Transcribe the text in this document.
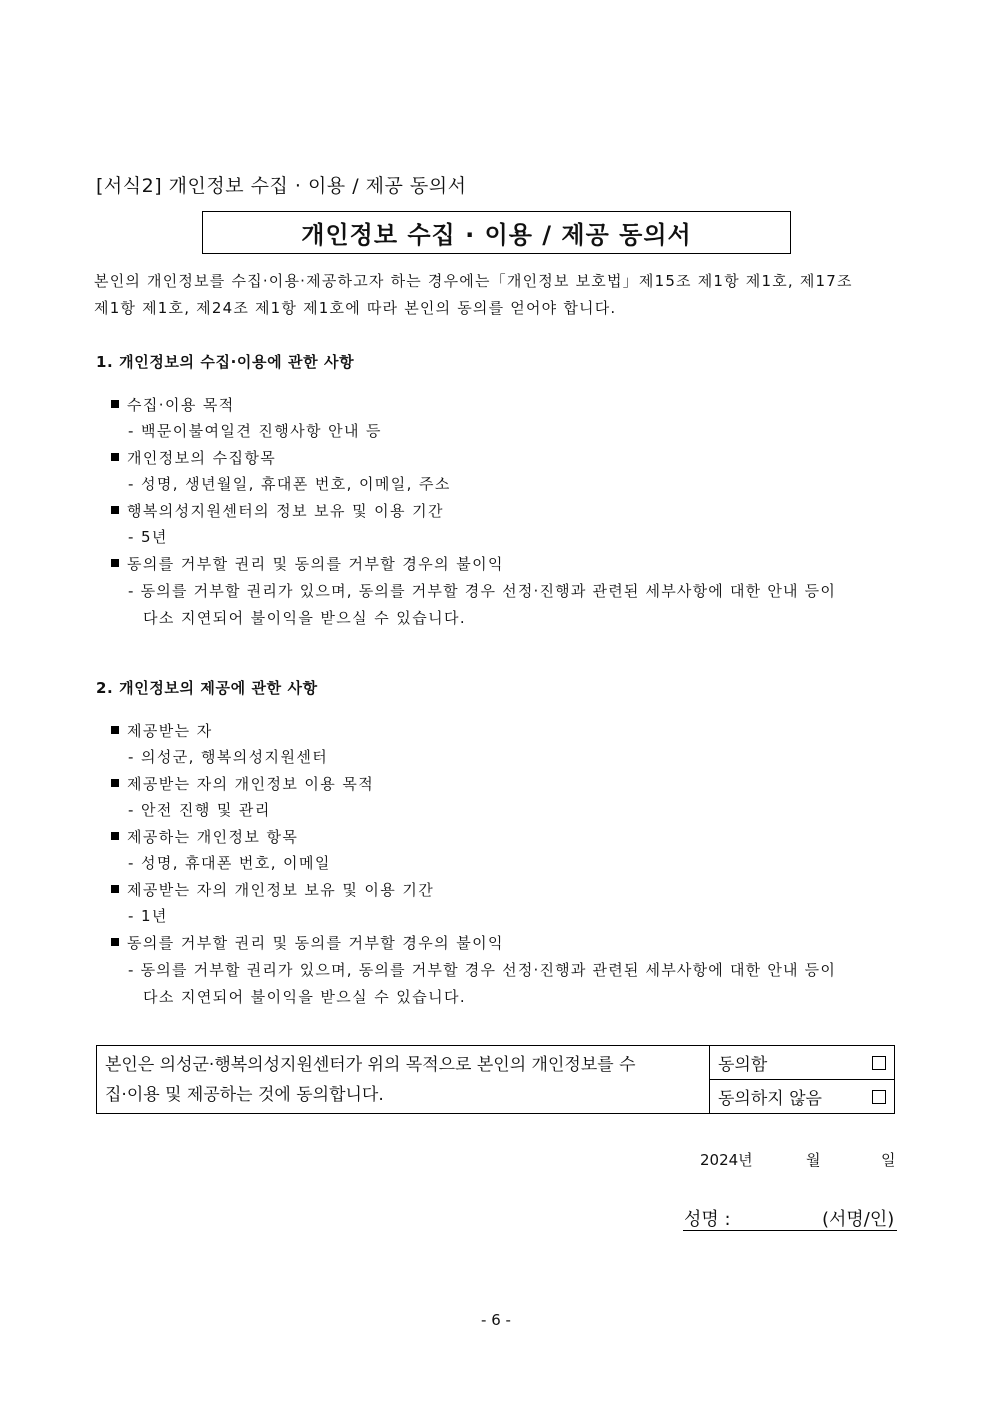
[서식2] 개인정보 수집 · 이용 / 제공 동의서
개인정보 수집 · 이용 / 제공 동의서
본인의 개인정보를 수집·이용·제공하고자 하는 경우에는「개인정보 보호법」제15조 제1항 제1호, 제17조
제1항 제1호, 제24조 제1항 제1호에 따라 본인의 동의를 얻어야 합니다.
1. 개인정보의 수집·이용에 관한 사항
수집·이용 목적
- 백문이불여일견 진행사항 안내 등
개인정보의 수집항목
- 성명, 생년월일, 휴대폰 번호, 이메일, 주소
행복의성지원센터의 정보 보유 및 이용 기간
- 5년
동의를 거부할 권리 및 동의를 거부할 경우의 불이익
- 동의를 거부할 권리가 있으며, 동의를 거부할 경우 선정·진행과 관련된 세부사항에 대한 안내 등이
다소 지연되어 불이익을 받으실 수 있습니다.
2. 개인정보의 제공에 관한 사항
제공받는 자
- 의성군, 행복의성지원센터
제공받는 자의 개인정보 이용 목적
- 안전 진행 및 관리
제공하는 개인정보 항목
- 성명, 휴대폰 번호, 이메일
제공받는 자의 개인정보 보유 및 이용 기간
- 1년
동의를 거부할 권리 및 동의를 거부할 경우의 불이익
- 동의를 거부할 권리가 있으며, 동의를 거부할 경우 선정·진행과 관련된 세부사항에 대한 안내 등이
다소 지연되어 불이익을 받으실 수 있습니다.
본인은 의성군·행복의성지원센터가 위의 목적으로 본인의 개인정보를 수
집·이용 및 제공하는 것에 동의합니다.

동의함

동의하지 않음
2024년	월	일
성명 :	(서명/인)
- 6 -
